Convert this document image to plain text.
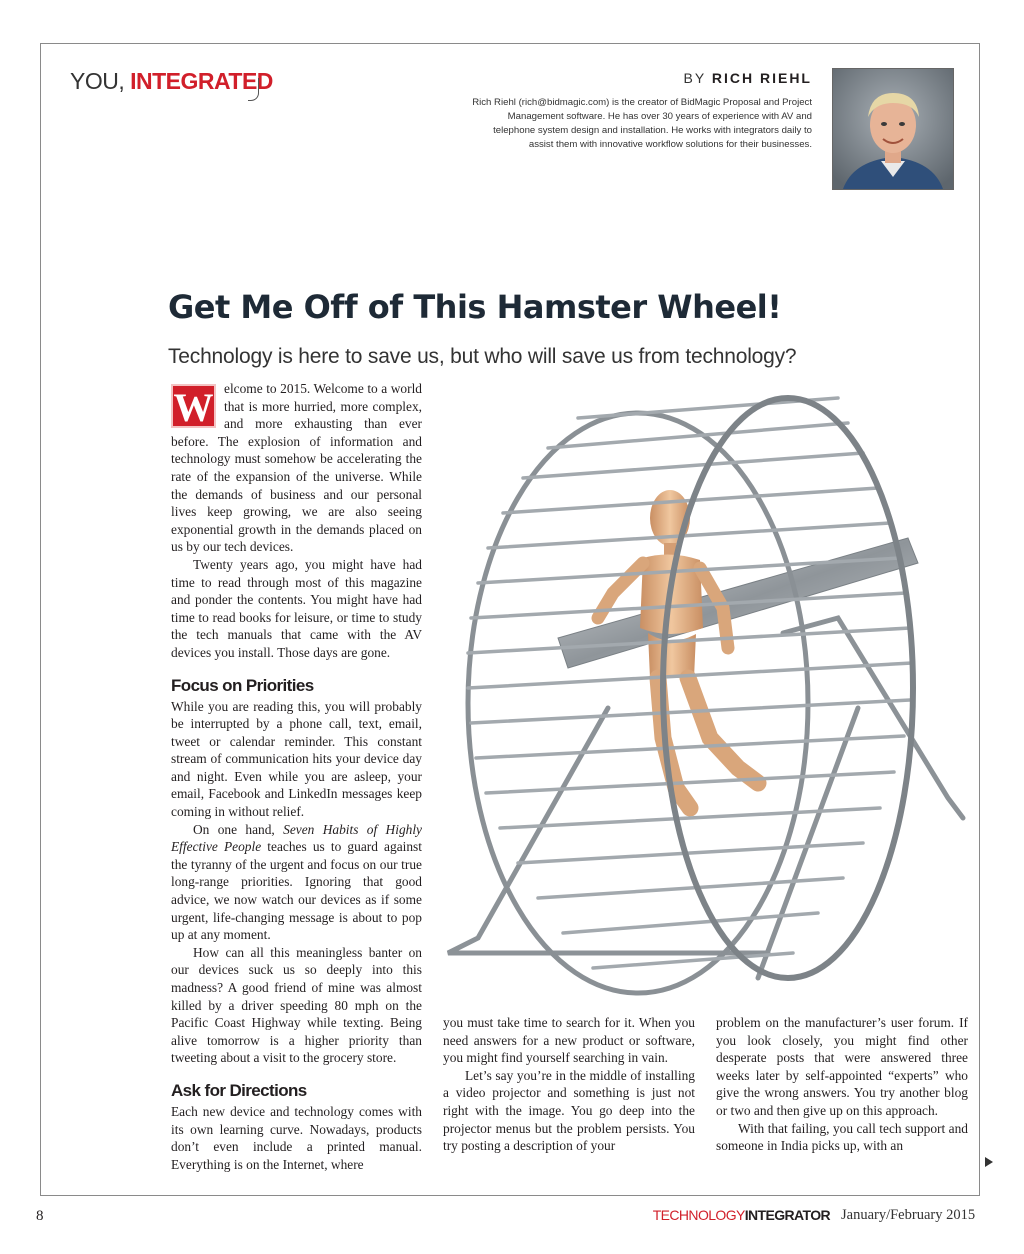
YOU, INTEGRATED	BY RICH RIEHL
Rich Riehl (rich@bidmagic.com) is the creator of BidMagic Proposal and Project Management software. He has over 30 years of experience with AV and telephone system design and installation. He works with integrators daily to assist them with innovative workflow solutions for their businesses.
Get Me Off of This Hamster Wheel!
Technology is here to save us, but who will save us from technology?
W elcome to 2015. Welcome to a world that is more hurried, more complex, and more exhausting than ever before. The explosion of information and technology must somehow be accelerating the rate of the expansion of the universe. While the demands of business and our personal lives keep growing, we are also seeing exponential growth in the demands placed on us by our tech devices.

Twenty years ago, you might have had time to read through most of this magazine and ponder the contents. You might have had time to read books for leisure, or time to study the tech manuals that came with the AV devices you install. Those days are gone.

Focus on Priorities

While you are reading this, you will probably be interrupted by a phone call, text, email, tweet or calendar reminder. This constant stream of communication hits your device day and night. Even while you are asleep, your email, Facebook and LinkedIn messages keep coming in without relief.

On one hand, Seven Habits of Highly Effective People teaches us to guard against the tyranny of the urgent and focus on our true long-range priorities. Ignoring that good advice, we now watch our devices as if some urgent, life-changing message is about to pop up at any moment.

How can all this meaningless banter on our devices suck us so deeply into this madness? A good friend of mine was almost killed by a driver speeding 80 mph on the Pacific Coast Highway while texting. Being alive tomorrow is a higher priority than tweeting about a visit to the grocery store.

Ask for Directions

Each new device and technology comes with its own learning curve. Nowadays, products don’t even include a printed manual. Everything is on the Internet, where

you must take time to search for it. When you need answers for a new product or software, you might find yourself searching in vain.

Let’s say you’re in the middle of installing a video projector and something is just not right with the image. You go deep into the projector menus but the problem persists. You try posting a description of your

problem on the manufacturer’s user forum. If you look closely, you might find other desperate posts that were answered three weeks later by self-appointed “experts” who give the wrong answers. You try another blog or two and then give up on this approach.

With that failing, you call tech support and someone in India picks up, with an

8	TECHNOLOGYINTEGRATOR January/February 2015
